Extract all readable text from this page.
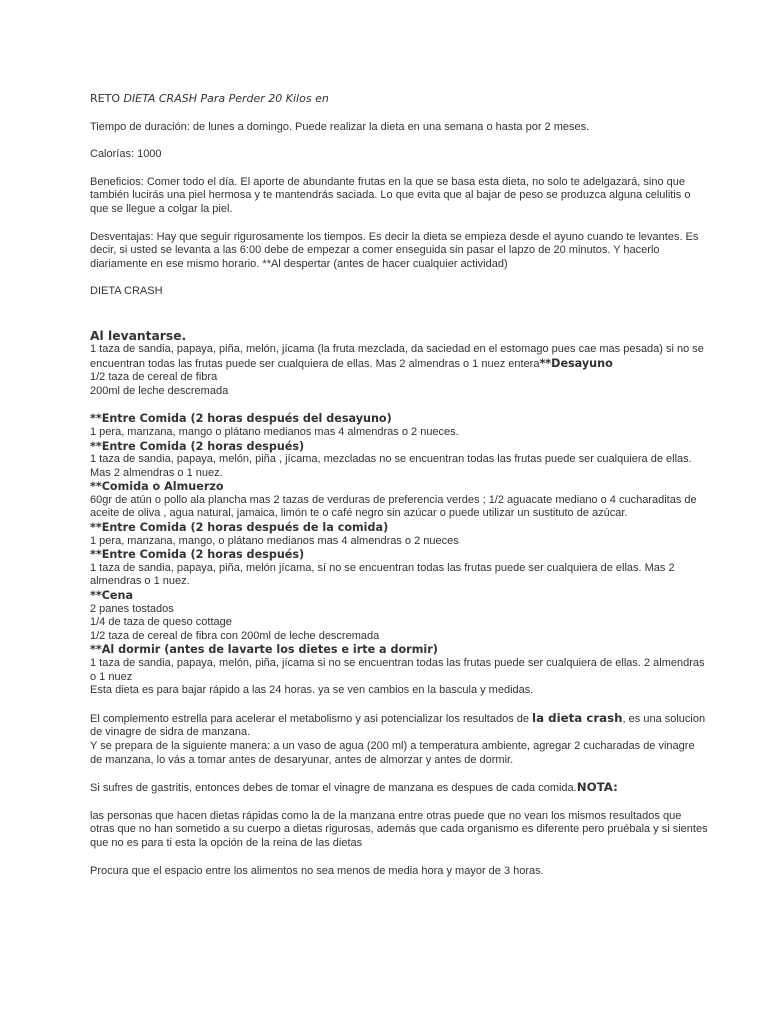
RETO DIETA CRASH Para Perder 20 Kilos en

Tiempo de duración: de lunes a domingo. Puede realizar la dieta en una semana o hasta por 2 meses.

Calorías: 1000

Beneficios: Comer todo el día. El aporte de abundante frutas en la que se basa esta dieta, no solo te adelgazará, sino que también lucirás una piel hermosa y te mantendrás saciada. Lo que evita que al bajar de peso se produzca alguna celulitis o que se llegue a colgar la piel.

Desventajas: Hay que seguir rigurosamente los tiempos. Es decir la dieta se empieza desde el ayuno cuando te levantes. Es decir, si usted se levanta a las 6:00 debe de empezar a comer enseguida sin pasar el lapzo de 20 minutos. Y hacerlo diariamente en ese mismo horario. **Al despertar (antes de hacer cualquier actividad)

DIETA CRASH

Al levantarse.

1 taza de sandia, papaya, piña, melón, jícama (la fruta mezclada, da saciedad en el estomago pues cae mas pesada) si no se encuentran todas las frutas puede ser cualquiera de ellas. Mas 2 almendras o 1 nuez entera**Desayuno

1/2 taza de cereal de fibra

200ml de leche descremada

**Entre Comida (2 horas después del desayuno)

1 pera, manzana, mango o plátano medianos mas 4 almendras o 2 nueces.

**Entre Comida (2 horas después)

1 taza de sandia, papaya, melón, piña , jícama, mezcladas no se encuentran todas las frutas puede ser cualquiera de ellas. Mas 2 almendras o 1 nuez.

**Comida o Almuerzo

60gr de atún o pollo ala plancha mas 2 tazas de verduras de preferencia verdes ; 1/2 aguacate mediano o 4 cucharaditas de aceite de oliva , agua natural, jamaica, limón te o café negro sin azúcar o puede utilizar un sustituto de azúcar.

**Entre Comida (2 horas después de la comida)

1 pera, manzana, mango, o plátano medianos mas 4 almendras o 2 nueces

**Entre Comida (2 horas después)

1 taza de sandia, papaya, piña, melón jícama, sí no se encuentran todas las frutas puede ser cualquiera de ellas. Mas 2 almendras o 1 nuez.

**Cena

2 panes tostados

1/4 de taza de queso cottage

1/2 taza de cereal de fibra con 200ml de leche descremada

**Al dormir (antes de lavarte los dietes e irte a dormir)

1 taza de sandia, papaya, melón, piña, jícama si no se encuentran todas las frutas puede ser cualquiera de ellas. 2 almendras o 1 nuez

Esta dieta es para bajar rápido a las 24 horas. ya se ven cambios en la bascula y medidas.

El complemento estrella para acelerar el metabolismo y asi potencializar los resultados de la dieta crash, es una solucion de vinagre de sidra de manzana.

Y se prepara de la siguiente manera: a un vaso de agua (200 ml) a temperatura ambiente, agregar 2 cucharadas de vinagre de manzana, lo vás a tomar antes de desaryunar, antes de almorzar y antes de dormir.

Si sufres de gastritis, entonces debes de tomar el vinagre de manzana es despues de cada comida.NOTA:

las personas que hacen dietas rápidas como la de la manzana entre otras puede que no vean los mismos resultados que otras que no han sometido a su cuerpo a dietas rigurosas, además que cada organismo es diferente pero pruébala y si sientes que no es para ti esta la opción de la reina de las dietas

Procura que el espacio entre los alimentos no sea menos de media hora y mayor de 3 horas.
